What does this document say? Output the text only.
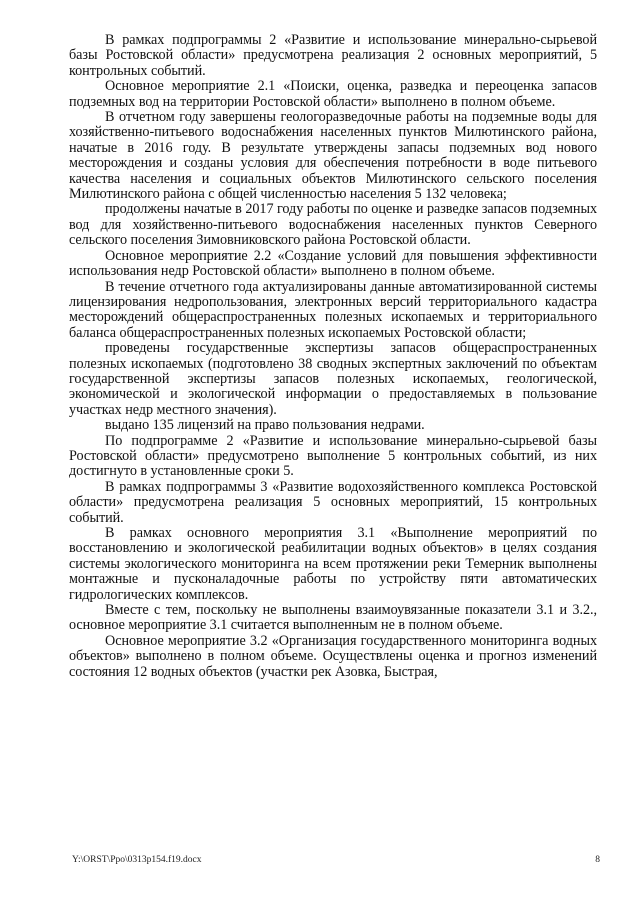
В рамках подпрограммы 2 «Развитие и использование минерально-сырьевой базы Ростовской области» предусмотрена реализация 2 основных мероприятий, 5 контрольных событий.

Основное мероприятие 2.1 «Поиски, оценка, разведка и переоценка запасов подземных вод на территории Ростовской области» выполнено в полном объеме.

В отчетном году завершены геологоразведочные работы на подземные воды для хозяйственно-питьевого водоснабжения населенных пунктов Милютинского района, начатые в 2016 году. В результате утверждены запасы подземных вод нового месторождения и созданы условия для обеспечения потребности в воде питьевого качества населения и социальных объектов Милютинского сельского поселения Милютинского района с общей численностью населения 5 132 человека;

продолжены начатые в 2017 году работы по оценке и разведке запасов подземных вод для хозяйственно-питьевого водоснабжения населенных пунктов Северного сельского поселения Зимовниковского района Ростовской области.

Основное мероприятие 2.2 «Создание условий для повышения эффективности использования недр Ростовской области» выполнено в полном объеме.

В течение отчетного года актуализированы данные автоматизированной системы лицензирования недропользования, электронных версий территориального кадастра месторождений общераспространенных полезных ископаемых и территориального баланса общераспространенных полезных ископаемых Ростовской области;

проведены государственные экспертизы запасов общераспространенных полезных ископаемых (подготовлено 38 сводных экспертных заключений по объектам государственной экспертизы запасов полезных ископаемых, геологической, экономической и экологической информации о предоставляемых в пользование участках недр местного значения).

выдано 135 лицензий на право пользования недрами.

По подпрограмме 2 «Развитие и использование минерально-сырьевой базы Ростовской области» предусмотрено выполнение 5 контрольных событий, из них достигнуто в установленные сроки 5.

В рамках подпрограммы 3 «Развитие водохозяйственного комплекса Ростовской области» предусмотрена реализация 5 основных мероприятий, 15 контрольных событий.

В рамках основного мероприятия 3.1 «Выполнение мероприятий по восстановлению и экологической реабилитации водных объектов» в целях создания системы экологического мониторинга на всем протяжении реки Темерник выполнены монтажные и пусконаладочные работы по устройству пяти автоматических гидрологических комплексов.

Вместе с тем, поскольку не выполнены взаимоувязанные показатели 3.1 и 3.2., основное мероприятие 3.1 считается выполненным не в полном объеме.

Основное мероприятие 3.2 «Организация государственного мониторинга водных объектов» выполнено в полном объеме. Осуществлены оценка и прогноз изменений состояния 12 водных объектов (участки рек Азовка, Быстрая,

Y:\ORST\Ppo\0313p154.f19.docx	8
